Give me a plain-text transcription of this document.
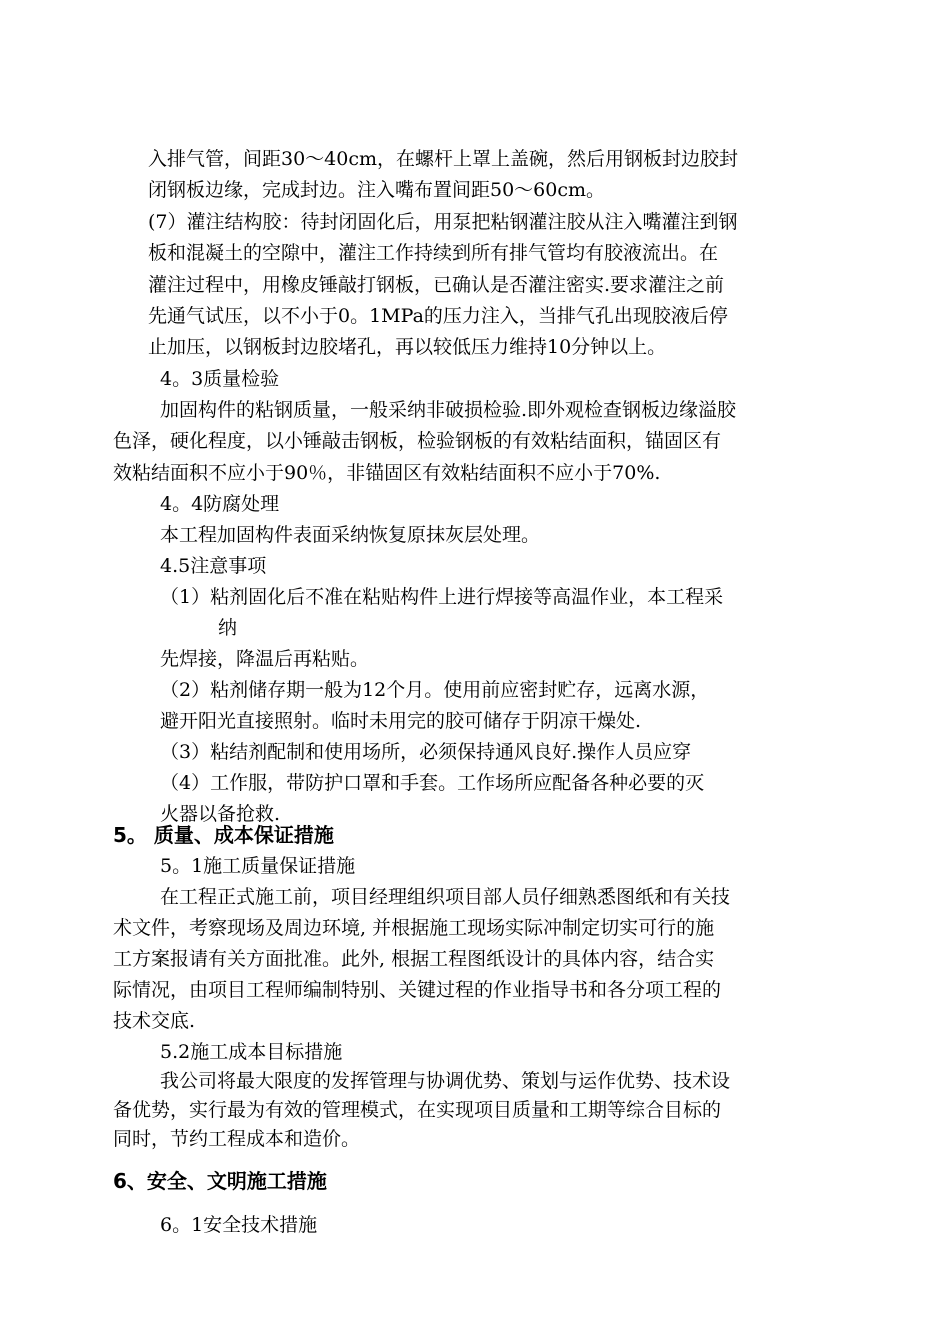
入排气管，间距30～40cm，在螺杆上罩上盖碗，然后用钢板封边胶封
闭钢板边缘，完成封边。注入嘴布置间距50～60cm。
(7）灌注结构胶：待封闭固化后，用泵把粘钢灌注胶从注入嘴灌注到钢
板和混凝土的空隙中，灌注工作持续到所有排气管均有胶液流出。在
灌注过程中，用橡皮锤敲打钢板，已确认是否灌注密实.要求灌注之前
先通气试压，以不小于0。1MPa的压力注入，当排气孔出现胶液后停
止加压，以钢板封边胶堵孔，再以较低压力维持10分钟以上。
4。3质量检验
加固构件的粘钢质量，一般采纳非破损检验.即外观检查钢板边缘溢胶
色泽，硬化程度，以小锤敲击钢板，检验钢板的有效粘结面积，锚固区有
效粘结面积不应小于90％，非锚固区有效粘结面积不应小于70%.
4。4防腐处理
本工程加固构件表面采纳恢复原抹灰层处理。
4.5注意事项
（1）粘剂固化后不准在粘贴构件上进行焊接等高温作业，本工程采
纳
先焊接，降温后再粘贴。
（2）粘剂储存期一般为12个月。使用前应密封贮存，远离水源，
避开阳光直接照射。临时未用完的胶可储存于阴凉干燥处.
（3）粘结剂配制和使用场所，必须保持通风良好.操作人员应穿
（4）工作服，带防护口罩和手套。工作场所应配备各种必要的灭
火器以备抢救.
5。 质量、成本保证措施
5。1施工质量保证措施
在工程正式施工前，项目经理组织项目部人员仔细熟悉图纸和有关技
术文件，考察现场及周边环境, 并根据施工现场实际冲制定切实可行的施
工方案报请有关方面批准。此外, 根据工程图纸设计的具体内容，结合实
际情况，由项目工程师编制特别、关键过程的作业指导书和各分项工程的
技术交底.
5.2施工成本目标措施
我公司将最大限度的发挥管理与协调优势、策划与运作优势、技术设
备优势，实行最为有效的管理模式，在实现项目质量和工期等综合目标的
同时，节约工程成本和造价。
6、安全、文明施工措施
6。1安全技术措施
